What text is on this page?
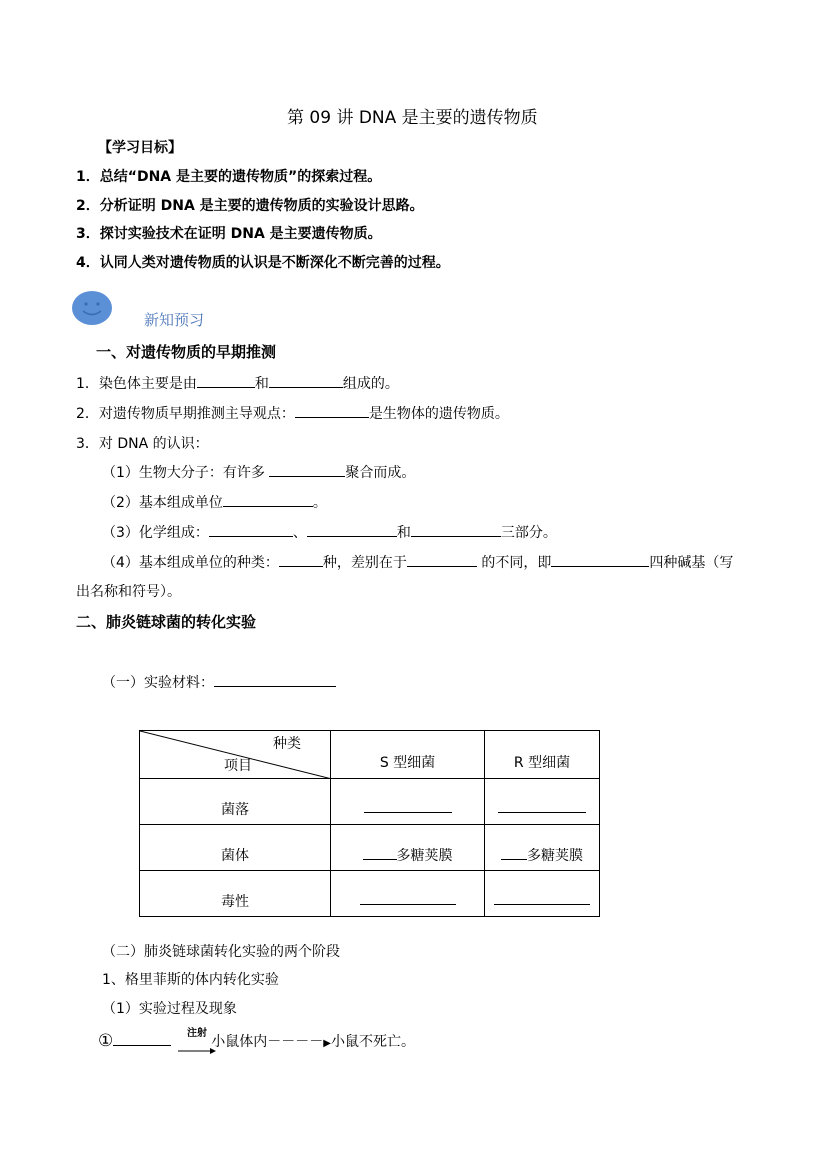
第 09 讲 DNA 是主要的遗传物质
【学习目标】
1．总结“DNA 是主要的遗传物质”的探索过程。
2．分析证明 DNA 是主要的遗传物质的实验设计思路。
3．探讨实验技术在证明 DNA 是主要遗传物质。
4．认同人类对遗传物质的认识是不断深化不断完善的过程。
新知预习
一、对遗传物质的早期推测
1．染色体主要是由	和	组成的。
2．对遗传物质早期推测主导观点：	是生物体的遗传物质。
3．对 DNA 的认识：
（1）生物大分子：有许多	聚合而成。
（2）基本组成单位	。
（3）化学组成：	、	和	三部分。
（4）基本组成单位的种类：	种，差别在于	的不同，即	四种碱基（写
出名称和符号）。
二、肺炎链球菌的转化实验
（一）实验材料：
种类
项目	S 型细菌	R 型细菌
菌落		
菌体	多糖荚膜	多糖荚膜
毒性		
（二）肺炎链球菌转化实验的两个阶段
1、格里菲斯的体内转化实验
（1）实验过程及现象
①	小鼠体内－－－－▶小鼠不死亡。
注射
